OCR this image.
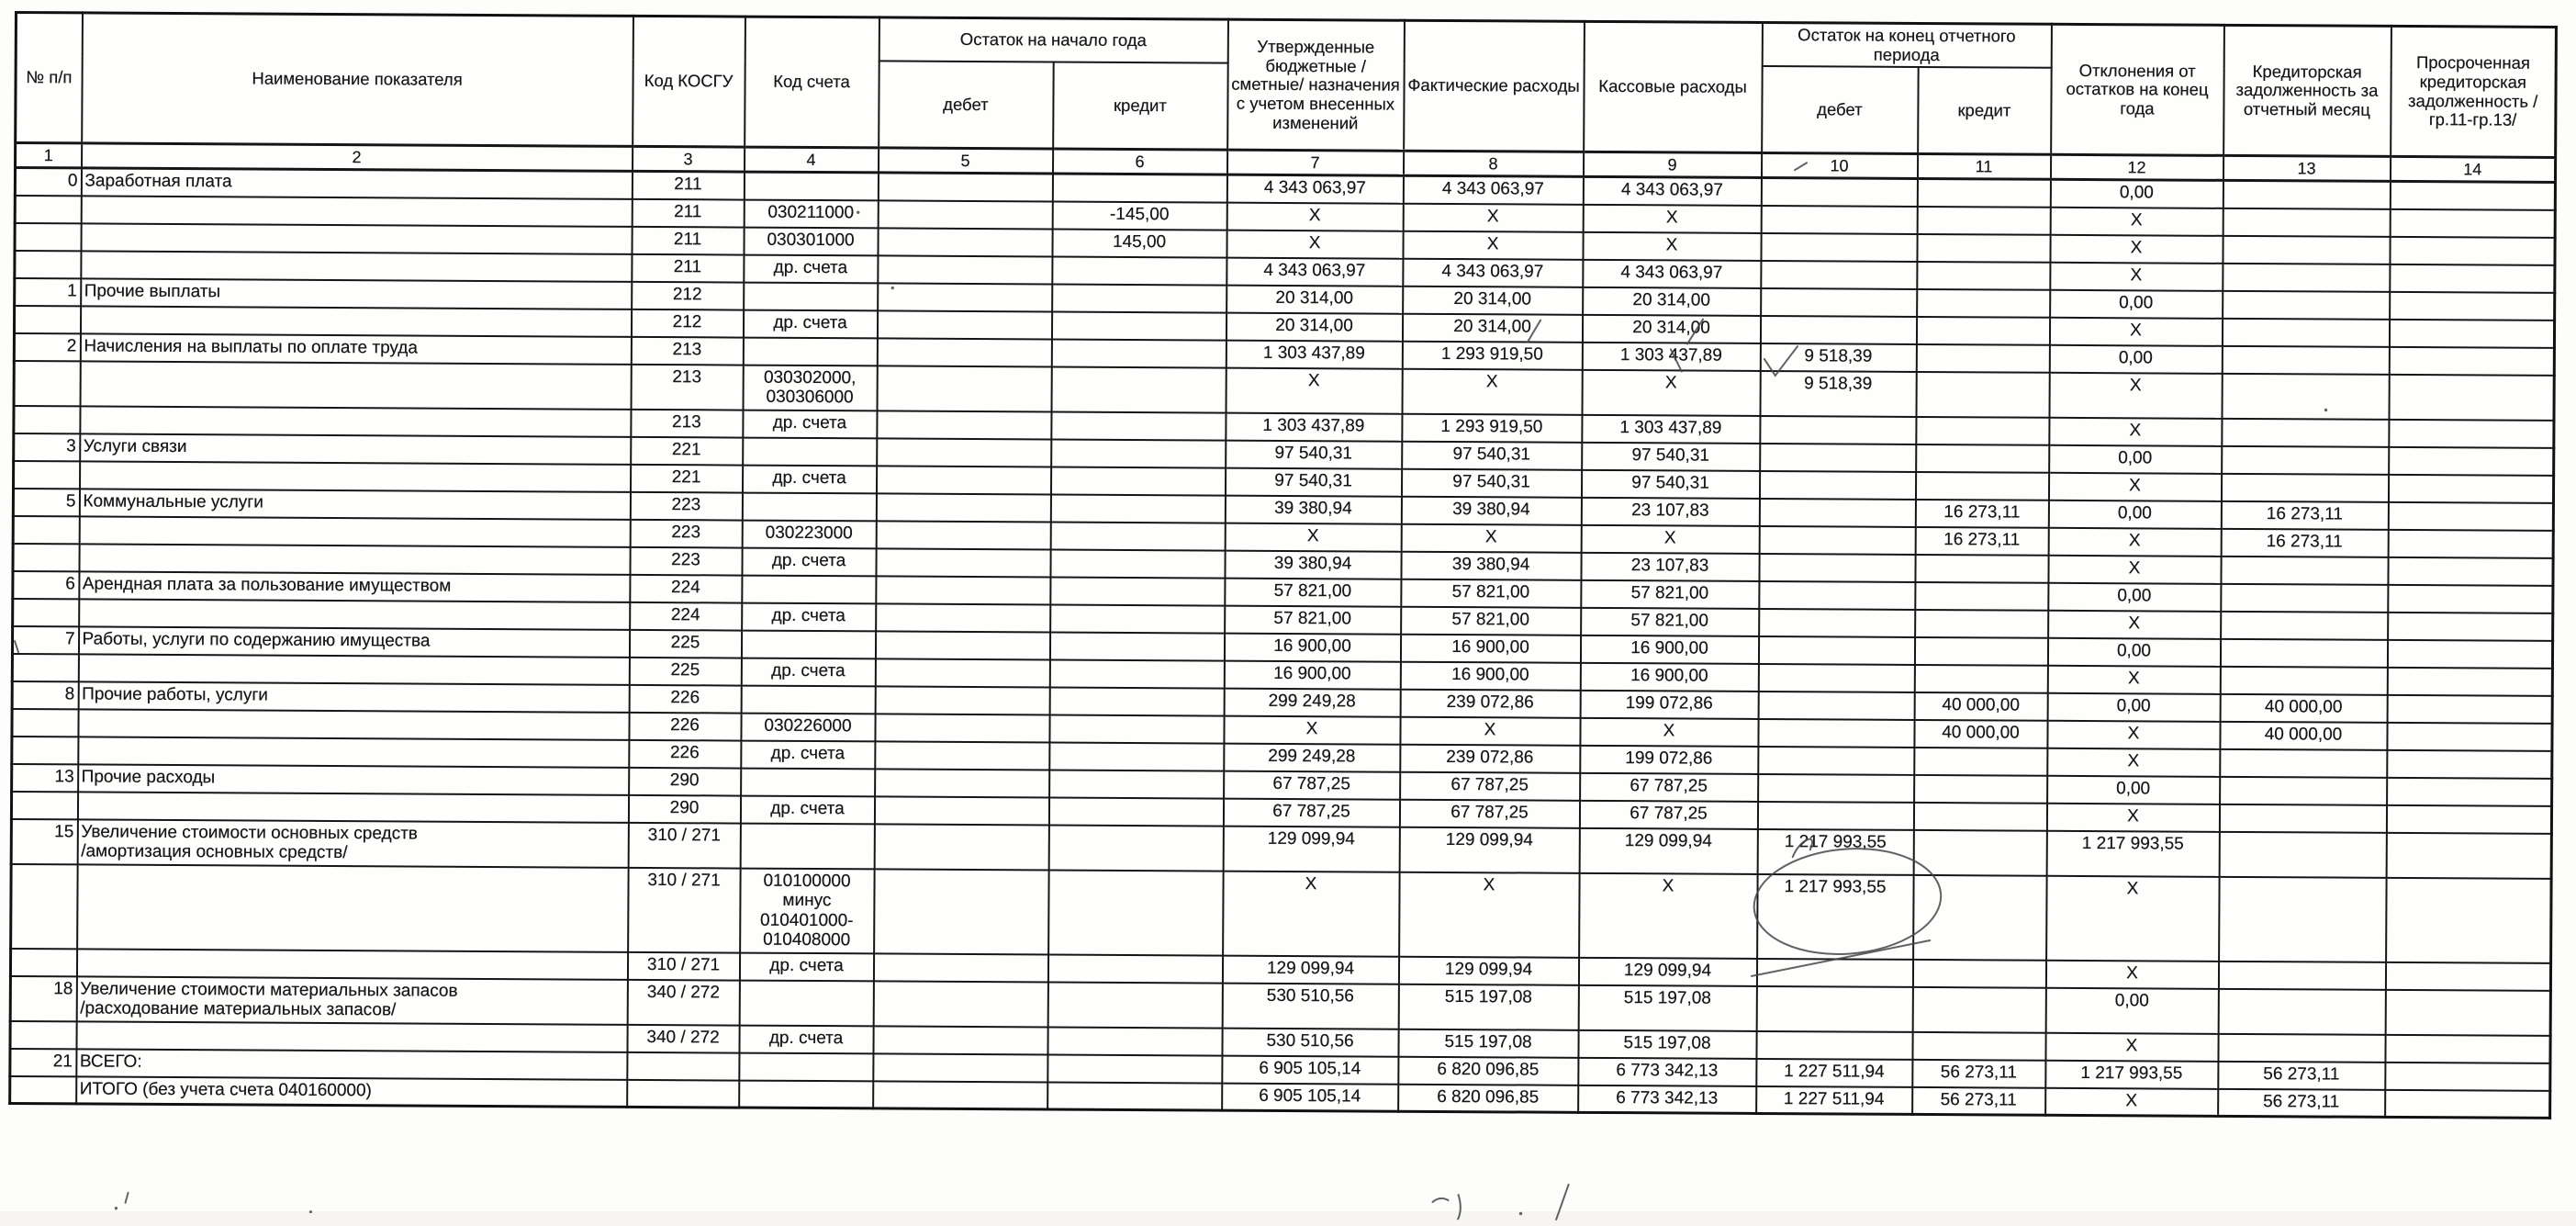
№ п/п	Наименование показателя	Код КОСГУ	Код счета	Остаток на начало года		Утвержденные бюджетные /сметные/ назначения с учетом внесенных изменений	Фактические расходы	Кассовые расходы	Остаток на конец отчетного периода		Отклонения от остатков на конец года	Кредиторская задолженность за отчетный месяц	Просроченная кредиторская задолженность /гр.11-гр.13/
				дебет	кредит				дебет	кредит			
1	2	3	4	5	6	7	8	9	10	11	12	13	14
0	Заработная плата	211				4 343 063,97	4 343 063,97	4 343 063,97			0,00		
		211	030211000		-145,00	X	X	X			X		
		211	030301000		145,00	X	X	X			X		
		211	др. счета			4 343 063,97	4 343 063,97	4 343 063,97			X		
1	Прочие выплаты	212				20 314,00	20 314,00	20 314,00			0,00		
		212	др. счета			20 314,00	20 314,00	20 314,00			X		
2	Начисления на выплаты по оплате труда	213				1 303 437,89	1 293 919,50	1 303 437,89	9 518,39		0,00		
		213	030302000,
030306000			X	X	X	9 518,39		X		
		213	др. счета			1 303 437,89	1 293 919,50	1 303 437,89			X		
3	Услуги связи	221				97 540,31	97 540,31	97 540,31			0,00		
		221	др. счета			97 540,31	97 540,31	97 540,31			X		
5	Коммунальные услуги	223				39 380,94	39 380,94	23 107,83		16 273,11	0,00	16 273,11	
		223	030223000			X	X	X		16 273,11	X	16 273,11	
		223	др. счета			39 380,94	39 380,94	23 107,83			X		
6	Арендная плата за пользование имуществом	224				57 821,00	57 821,00	57 821,00			0,00		
		224	др. счета			57 821,00	57 821,00	57 821,00			X		
7	Работы, услуги по содержанию имущества	225				16 900,00	16 900,00	16 900,00			0,00		
		225	др. счета			16 900,00	16 900,00	16 900,00			X		
8	Прочие работы, услуги	226				299 249,28	239 072,86	199 072,86		40 000,00	0,00	40 000,00	
		226	030226000			X	X	X		40 000,00	X	40 000,00	
		226	др. счета			299 249,28	239 072,86	199 072,86			X		
13	Прочие расходы	290				67 787,25	67 787,25	67 787,25			0,00		
		290	др. счета			67 787,25	67 787,25	67 787,25			X		
15	Увеличение стоимости основных средств
/амортизация основных средств/	310 / 271				129 099,94	129 099,94	129 099,94	1 217 993,55		1 217 993,55		
		310 / 271	010100000
минус
010401000-
010408000			X	X	X	1 217 993,55		X		
		310 / 271	др. счета			129 099,94	129 099,94	129 099,94			X		
18	Увеличение стоимости материальных запасов
/расходование материальных запасов/	340 / 272				530 510,56	515 197,08	515 197,08			0,00		
		340 / 272	др. счета			530 510,56	515 197,08	515 197,08			X		
21	ВСЕГО:					6 905 105,14	6 820 096,85	6 773 342,13	1 227 511,94	56 273,11	1 217 993,55	56 273,11	
	ИТОГО (без учета счета 040160000)					6 905 105,14	6 820 096,85	6 773 342,13	1 227 511,94	56 273,11	X	56 273,11	
